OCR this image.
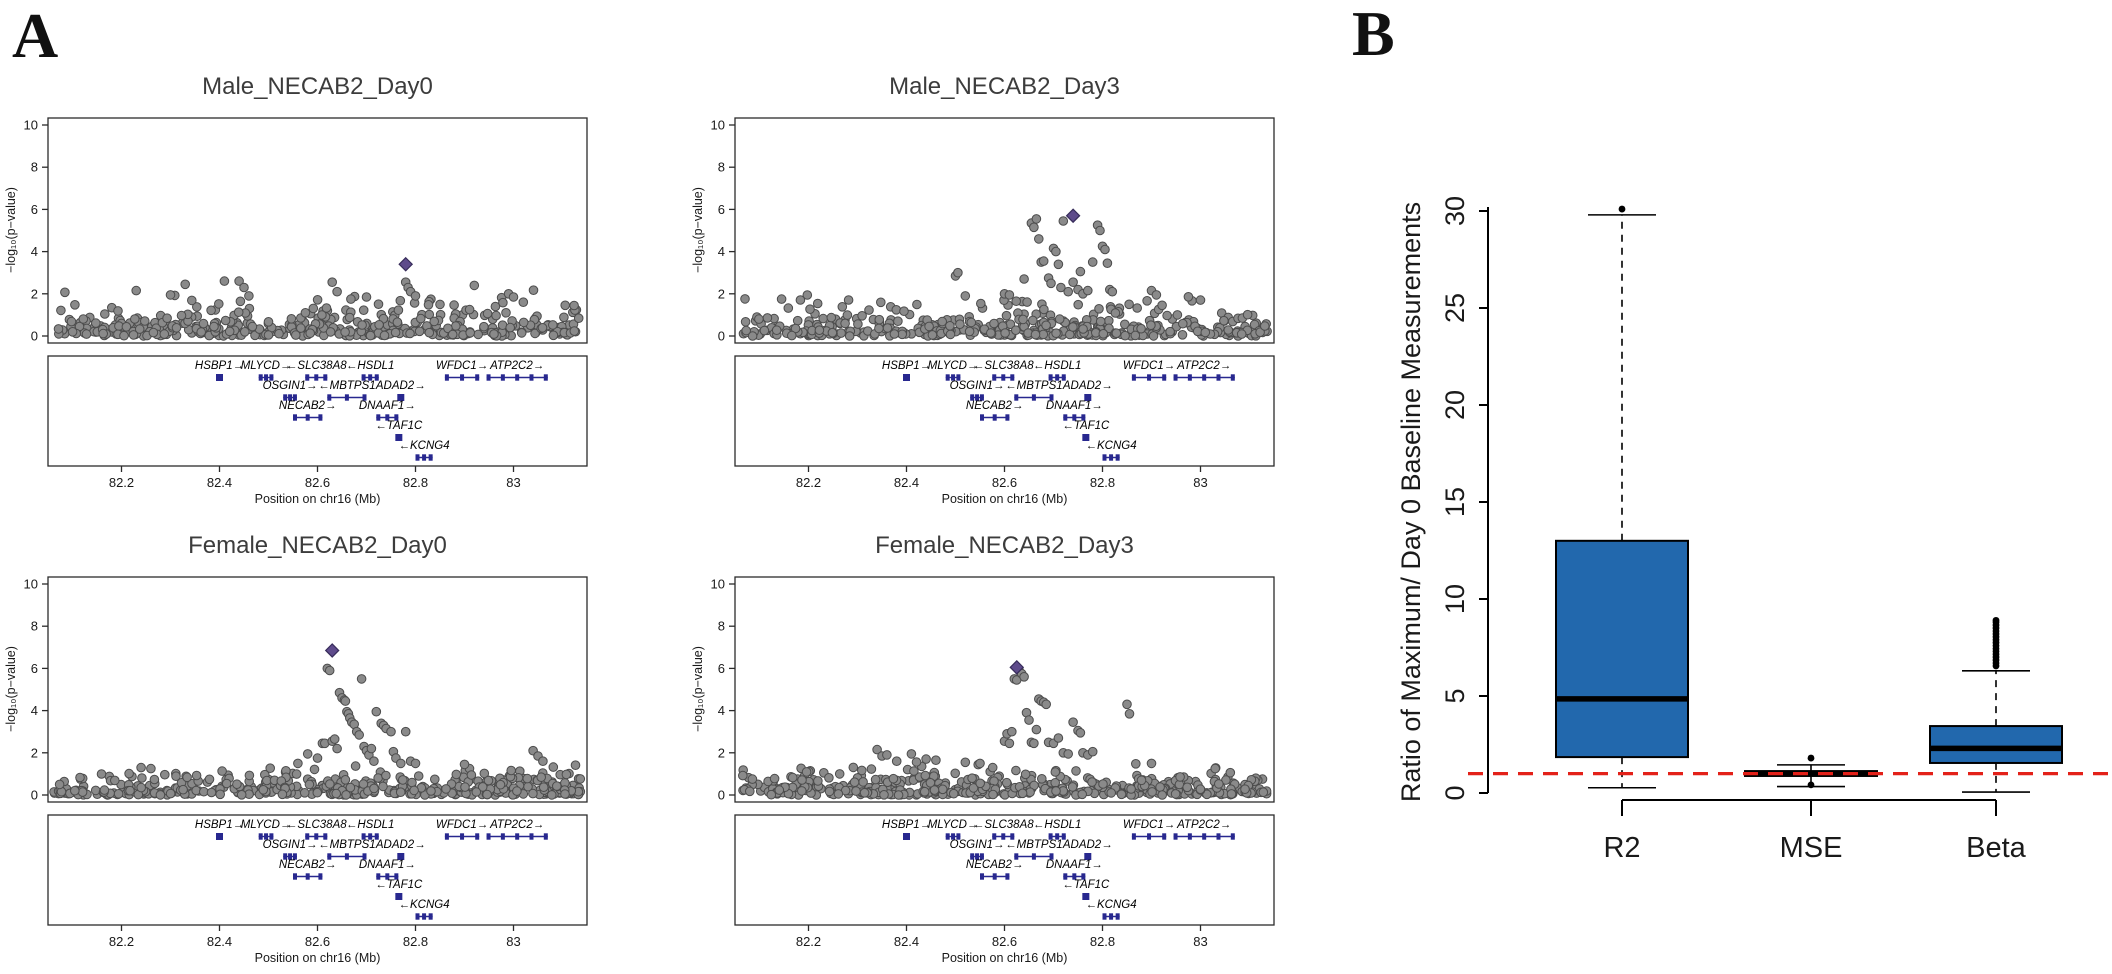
A	B
Male_NECAB2_Day0
0
2
4
6
8
10
−log₁₀(p−value)
HSBP1→
MLYCD→
←SLC38A8 ←HSDL1	WFDC1→ ATP2C2→
OSGIN1→ ←MBTPS1 ADAD2→
NECAB2→ DNAAF1→
←TAF1C
←KCNG4
82.2	82.4	82.6	82.8	83
Position on chr16 (Mb)
Male_NECAB2_Day3
0
2
4
6
8
10
−log₁₀(p−value)
HSBP1→
MLYCD→
←SLC38A8 ←HSDL1	WFDC1→ ATP2C2→
OSGIN1→ ←MBTPS1 ADAD2→
NECAB2→ DNAAF1→
←TAF1C
←KCNG4
82.2	82.4	82.6	82.8	83
Position on chr16 (Mb)
Female_NECAB2_Day0
0
2
4
6
8
10
−log₁₀(p−value)
HSBP1→
MLYCD→
←SLC38A8 ←HSDL1	WFDC1→ ATP2C2→
OSGIN1→ ←MBTPS1 ADAD2→
NECAB2→ DNAAF1→
←TAF1C
←KCNG4
82.2	82.4	82.6	82.8	83
Position on chr16 (Mb)
Female_NECAB2_Day3
0
2
4
6
8
10
−log₁₀(p−value)
HSBP1→
MLYCD→
←SLC38A8 ←HSDL1	WFDC1→ ATP2C2→
OSGIN1→ ←MBTPS1 ADAD2→
NECAB2→ DNAAF1→
←TAF1C
←KCNG4
82.2	82.4	82.6	82.8	83
Position on chr16 (Mb)
0
5
10
15
20
25
30
Ratio of Maximum/ Day 0 Baseline Measurements
R2	MSE	Beta
